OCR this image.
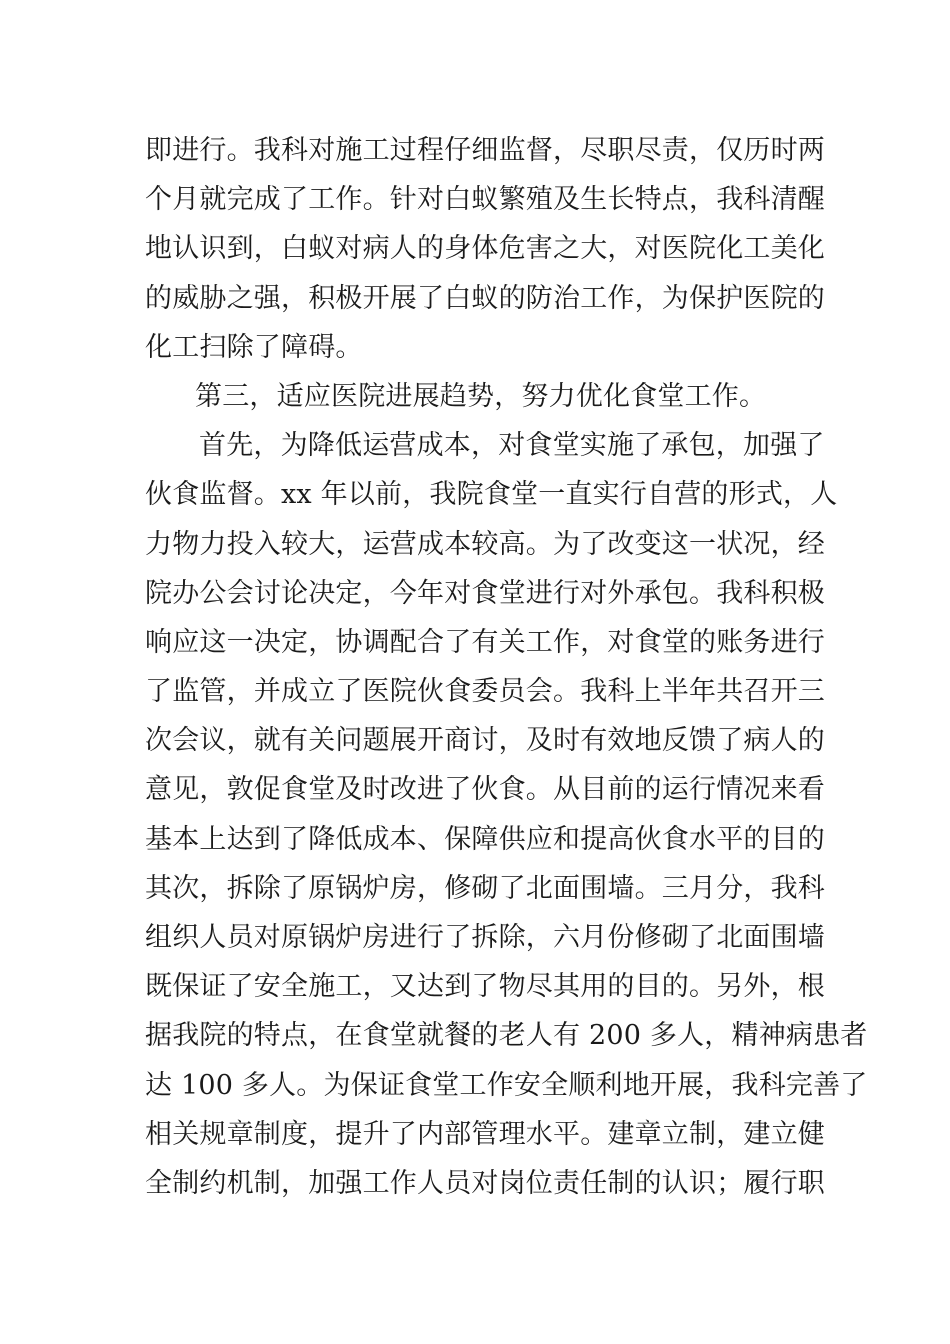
即进行。我科对施工过程仔细监督，尽职尽责，仅历时两
个月就完成了工作。针对白蚁繁殖及生长特点，我科清醒
地认识到，白蚁对病人的身体危害之大，对医院化工美化
的威胁之强，积极开展了白蚁的防治工作，为保护医院的
化工扫除了障碍。
第三，适应医院进展趋势，努力优化食堂工作。
首先，为降低运营成本，对食堂实施了承包，加强了
伙食监督。xx 年以前，我院食堂一直实行自营的形式，人
力物力投入较大，运营成本较高。为了改变这一状况，经
院办公会讨论决定，今年对食堂进行对外承包。我科积极
响应这一决定，协调配合了有关工作，对食堂的账务进行
了监管，并成立了医院伙食委员会。我科上半年共召开三
次会议，就有关问题展开商讨，及时有效地反馈了病人的
意见，敦促食堂及时改进了伙食。从目前的运行情况来看
基本上达到了降低成本、保障供应和提高伙食水平的目的
其次，拆除了原锅炉房，修砌了北面围墙。三月分，我科
组织人员对原锅炉房进行了拆除，六月份修砌了北面围墙
既保证了安全施工，又达到了物尽其用的目的。另外，根
据我院的特点，在食堂就餐的老人有 200 多人，精神病患者
达 100 多人。为保证食堂工作安全顺利地开展，我科完善了
相关规章制度，提升了内部管理水平。建章立制，建立健
全制约机制，加强工作人员对岗位责任制的认识；履行职
